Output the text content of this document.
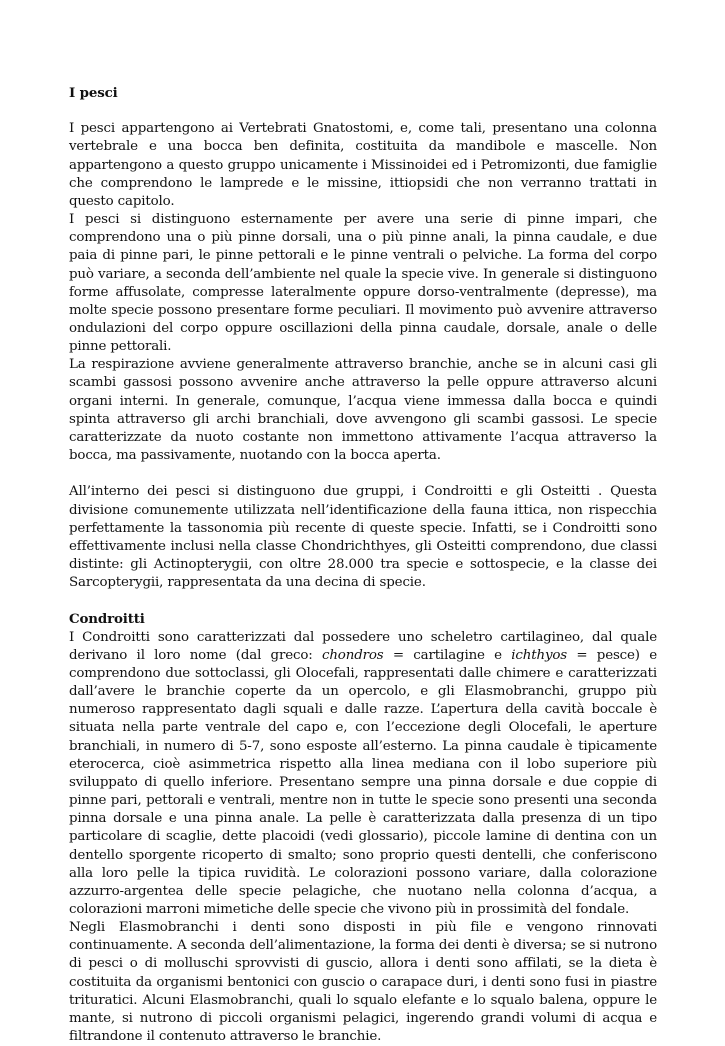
I pesci

I pesci appartengono ai Vertebrati Gnatostomi, e, come tali, presentano una colonna vertebrale e una bocca ben definita, costituita da mandibole e mascelle. Non appartengono a questo gruppo unicamente i Missinoidei ed i Petromizonti, due famiglie che comprendono le lamprede e le missine, ittiopsidi che non verranno trattati in questo capitolo.

I pesci si distinguono esternamente per avere una serie di pinne impari, che comprendono una o più pinne dorsali, una o più pinne anali, la pinna caudale, e due paia di pinne pari, le pinne pettorali e le pinne ventrali o pelviche. La forma del corpo può variare, a seconda dell’ambiente nel quale la specie vive. In generale si distinguono forme affusolate, compresse lateralmente oppure dorso-ventralmente (depresse), ma molte specie possono presentare forme peculiari. Il movimento può avvenire attraverso ondulazioni del corpo oppure oscillazioni della pinna caudale, dorsale, anale o delle pinne pettorali.

La respirazione avviene generalmente attraverso branchie, anche se in alcuni casi gli scambi gassosi possono avvenire anche attraverso la pelle oppure attraverso alcuni organi interni. In generale, comunque, l’acqua viene immessa dalla bocca e quindi spinta attraverso gli archi branchiali, dove avvengono gli scambi gassosi. Le specie caratterizzate da nuoto costante non immettono attivamente l’acqua attraverso la bocca, ma passivamente, nuotando con la bocca aperta.

All’interno dei pesci si distinguono due gruppi, i Condroitti e gli Osteitti . Questa divisione comunemente utilizzata nell’identificazione della fauna ittica, non rispecchia perfettamente la tassonomia più recente di queste specie. Infatti, se i Condroitti sono effettivamente inclusi nella classe Chondrichthyes, gli Osteitti comprendono, due classi distinte: gli Actinopterygii, con oltre 28.000 tra specie e sottospecie, e la classe dei Sarcopterygii, rappresentata da una decina di specie.

Condroitti

I Condroitti sono caratterizzati dal possedere uno scheletro cartilagineo, dal quale derivano il loro nome (dal greco: chondros = cartilagine e ichthyos = pesce) e comprendono due sottoclassi, gli Olocefali, rappresentati dalle chimere e caratterizzati dall’avere le branchie coperte da un opercolo, e gli Elasmobranchi, gruppo più numeroso rappresentato dagli squali e dalle razze. L’apertura della cavità boccale è situata nella parte ventrale del capo e, con l’eccezione degli Olocefali, le aperture branchiali, in numero di 5-7, sono esposte all’esterno. La pinna caudale è tipicamente eterocerca, cioè asimmetrica rispetto alla linea mediana con il lobo superiore più sviluppato di quello inferiore. Presentano sempre una pinna dorsale e due coppie di pinne pari, pettorali e ventrali, mentre non in tutte le specie sono presenti una seconda pinna dorsale e una pinna anale. La pelle è caratterizzata dalla presenza di un tipo particolare di scaglie, dette placoidi (vedi glossario), piccole lamine di dentina con un dentello sporgente ricoperto di smalto; sono proprio questi dentelli, che conferiscono alla loro pelle la tipica ruvidità. Le colorazioni possono variare, dalla colorazione azzurro-argentea delle specie pelagiche, che nuotano nella colonna d’acqua, a colorazioni marroni mimetiche delle specie che vivono più in prossimità del fondale.

Negli Elasmobranchi i denti sono disposti in più file e vengono rinnovati continuamente. A seconda dell’alimentazione, la forma dei denti è diversa; se si nutrono di pesci o di molluschi sprovvisti di guscio, allora i denti sono affilati, se la dieta è costituita da organismi bentonici con guscio o carapace duri, i denti sono fusi in piastre trituratici. Alcuni Elasmobranchi, quali lo squalo elefante e lo squalo balena, oppure le mante, si nutrono di piccoli organismi pelagici, ingerendo grandi volumi di acqua e filtrandone il contenuto attraverso le branchie.
